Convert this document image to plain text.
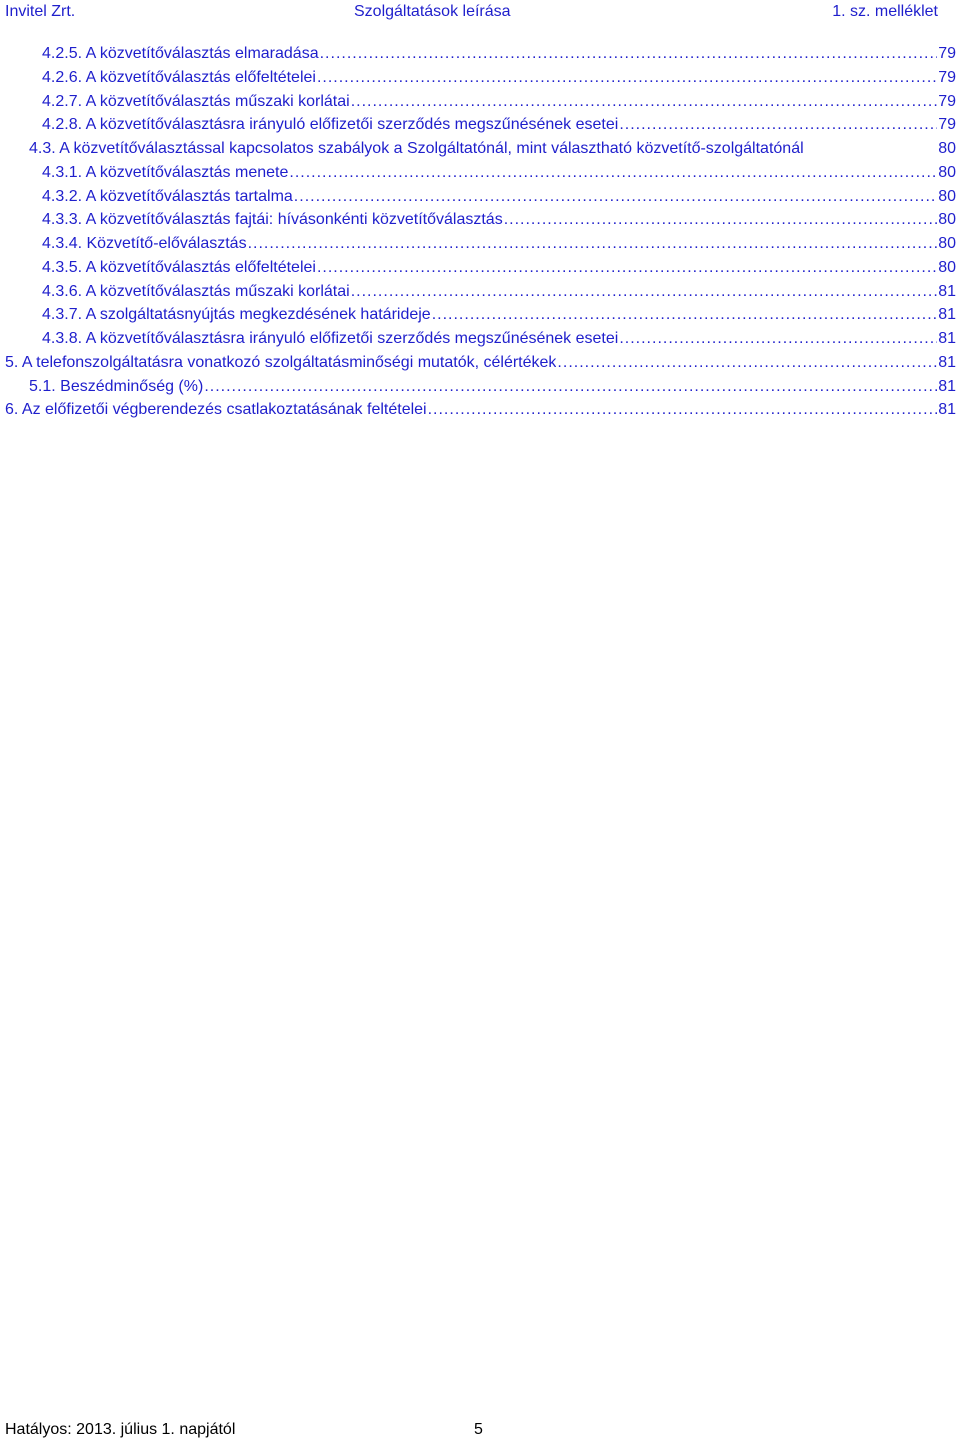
Invitel Zrt.	Szolgáltatások leírása	1. sz. melléklet
4.2.5. A közvetítőválasztás elmaradása .....	79
4.2.6. A közvetítőválasztás előfeltételei .....	79
4.2.7. A közvetítőválasztás műszaki korlátai .....	79
4.2.8. A közvetítőválasztásra irányuló előfizetői szerződés megszűnésének esetei .....	79
4.3. A közvetítőválasztással kapcsolatos szabályok a Szolgáltatónál, mint választható közvetítő-szolgáltatónál	80
4.3.1. A közvetítőválasztás menete .....	80
4.3.2. A közvetítőválasztás tartalma .....	80
4.3.3. A közvetítőválasztás fajtái: hívásonkénti közvetítőválasztás .....	80
4.3.4. Közvetítő-előválasztás .....	80
4.3.5. A közvetítőválasztás előfeltételei .....	80
4.3.6. A közvetítőválasztás műszaki korlátai .....	81
4.3.7. A szolgáltatásnyújtás megkezdésének határideje .....	81
4.3.8. A közvetítőválasztásra irányuló előfizetői szerződés megszűnésének esetei .....	81
5. A telefonszolgáltatásra vonatkozó szolgáltatásminőségi mutatók, célértékek .....	81
5.1. Beszédminőség (%) .....	81
6. Az előfizetői végberendezés csatlakoztatásának feltételei .....	81
Hatályos: 2013. július 1. napjától	5
